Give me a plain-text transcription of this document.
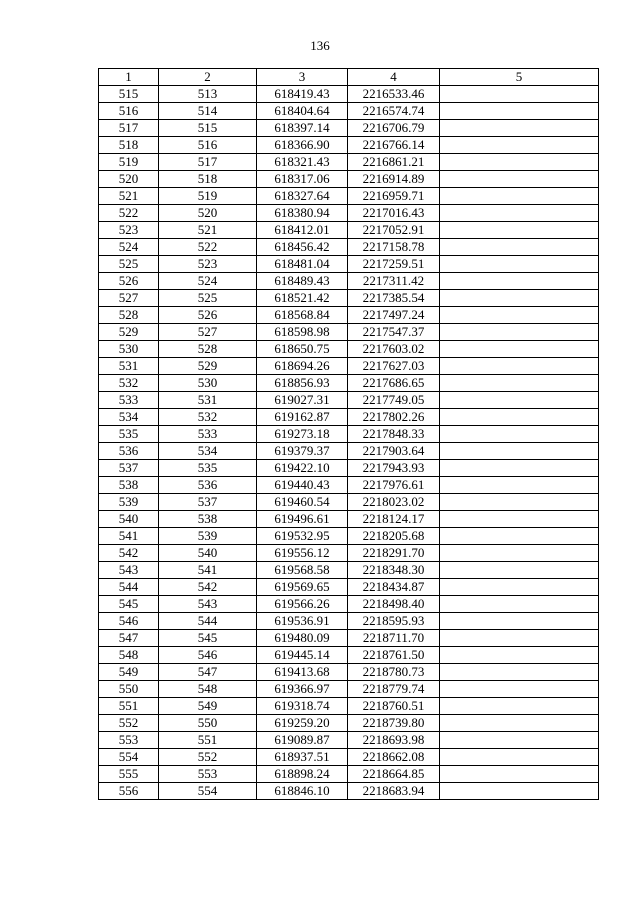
136
1	2	3	4	5
515	513	618419.43	2216533.46	
516	514	618404.64	2216574.74	
517	515	618397.14	2216706.79	
518	516	618366.90	2216766.14	
519	517	618321.43	2216861.21	
520	518	618317.06	2216914.89	
521	519	618327.64	2216959.71	
522	520	618380.94	2217016.43	
523	521	618412.01	2217052.91	
524	522	618456.42	2217158.78	
525	523	618481.04	2217259.51	
526	524	618489.43	2217311.42	
527	525	618521.42	2217385.54	
528	526	618568.84	2217497.24	
529	527	618598.98	2217547.37	
530	528	618650.75	2217603.02	
531	529	618694.26	2217627.03	
532	530	618856.93	2217686.65	
533	531	619027.31	2217749.05	
534	532	619162.87	2217802.26	
535	533	619273.18	2217848.33	
536	534	619379.37	2217903.64	
537	535	619422.10	2217943.93	
538	536	619440.43	2217976.61	
539	537	619460.54	2218023.02	
540	538	619496.61	2218124.17	
541	539	619532.95	2218205.68	
542	540	619556.12	2218291.70	
543	541	619568.58	2218348.30	
544	542	619569.65	2218434.87	
545	543	619566.26	2218498.40	
546	544	619536.91	2218595.93	
547	545	619480.09	2218711.70	
548	546	619445.14	2218761.50	
549	547	619413.68	2218780.73	
550	548	619366.97	2218779.74	
551	549	619318.74	2218760.51	
552	550	619259.20	2218739.80	
553	551	619089.87	2218693.98	
554	552	618937.51	2218662.08	
555	553	618898.24	2218664.85	
556	554	618846.10	2218683.94	
